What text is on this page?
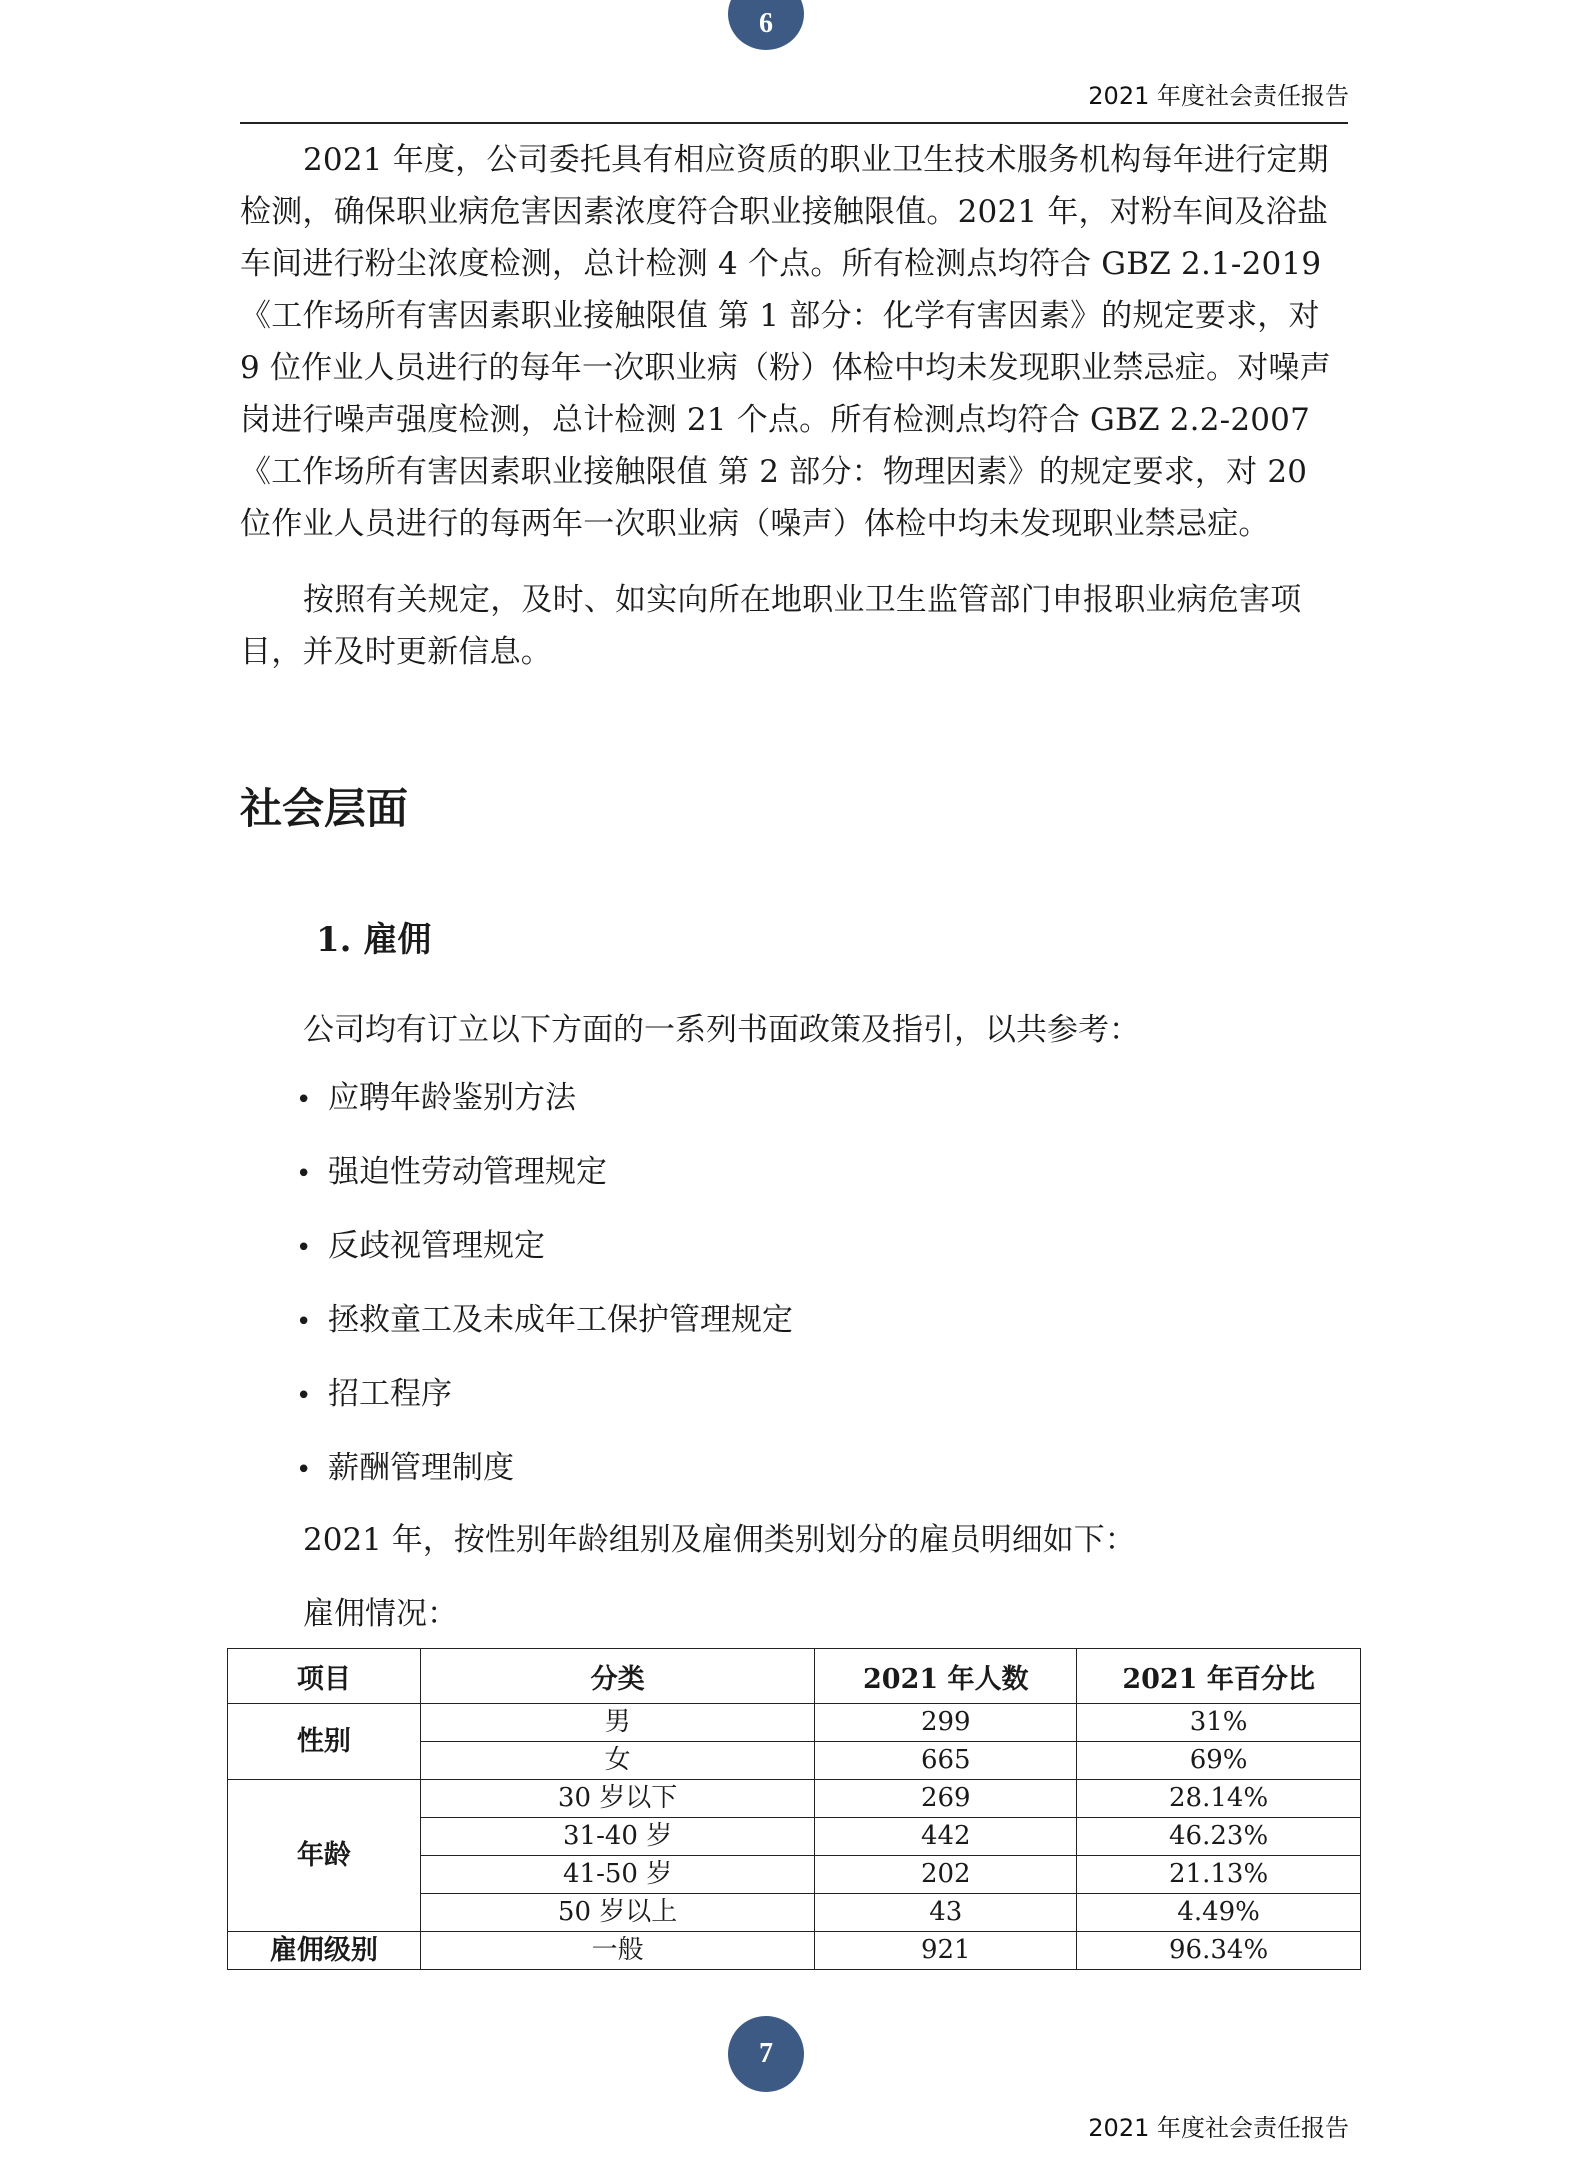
6
2021 年度社会责任报告

2021 年度，公司委托具有相应资质的职业卫生技术服务机构每年进行定期检测，确保职业病危害因素浓度符合职业接触限值。2021 年，对粉车间及浴盐车间进行粉尘浓度检测，总计检测 4 个点。所有检测点均符合 GBZ 2.1-2019《工作场所有害因素职业接触限值 第 1 部分：化学有害因素》的规定要求，对 9 位作业人员进行的每年一次职业病（粉）体检中均未发现职业禁忌症。对噪声岗进行噪声强度检测，总计检测 21 个点。所有检测点均符合 GBZ 2.2-2007《工作场所有害因素职业接触限值 第 2 部分：物理因素》的规定要求，对 20 位作业人员进行的每两年一次职业病（噪声）体检中均未发现职业禁忌症。

按照有关规定，及时、如实向所在地职业卫生监管部门申报职业病危害项目，并及时更新信息。

社会层面
1. 雇佣

公司均有订立以下方面的一系列书面政策及指引，以共参考：

• 应聘年龄鉴别方法
• 强迫性劳动管理规定
• 反歧视管理规定
• 拯救童工及未成年工保护管理规定
• 招工程序
• 薪酬管理制度

2021 年，按性别年龄组别及雇佣类别划分的雇员明细如下：

雇佣情况：

项目	分类	2021 年人数	2021 年百分比
性别	男	299	31%
	女	665	69%
年龄	30 岁以下	269	28.14%
	31-40 岁	442	46.23%
	41-50 岁	202	21.13%
	50 岁以上	43	4.49%
雇佣级别	一般	921	96.34%
7
2021 年度社会责任报告
